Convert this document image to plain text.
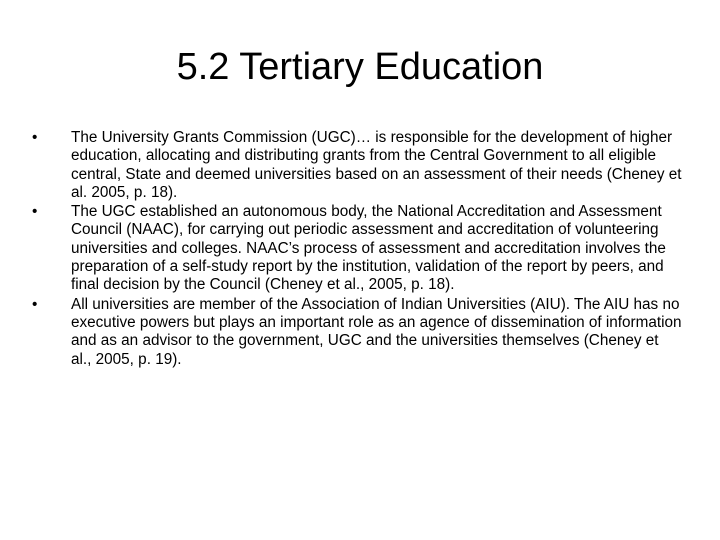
5.2 Tertiary Education
•	The University Grants Commission (UGC)… is responsible for the development of higher education, allocating and distributing grants from the Central Government to all eligible central, State and deemed universities based on an assessment of their needs (Cheney et al. 2005, p. 18).
•	The UGC established an autonomous body, the National Accreditation and Assessment Council (NAAC), for carrying out periodic assessment and accreditation of volunteering universities and colleges. NAAC’s process of assessment and accreditation involves the preparation of a self-study report by the institution, validation of the report by peers, and final decision by the Council (Cheney et al., 2005, p. 18).
•	All universities are member of the Association of Indian Universities (AIU). The AIU has no executive powers but plays an important role as an agence of dissemination of information and as an advisor to the government, UGC and the universities themselves (Cheney et al., 2005, p. 19).
